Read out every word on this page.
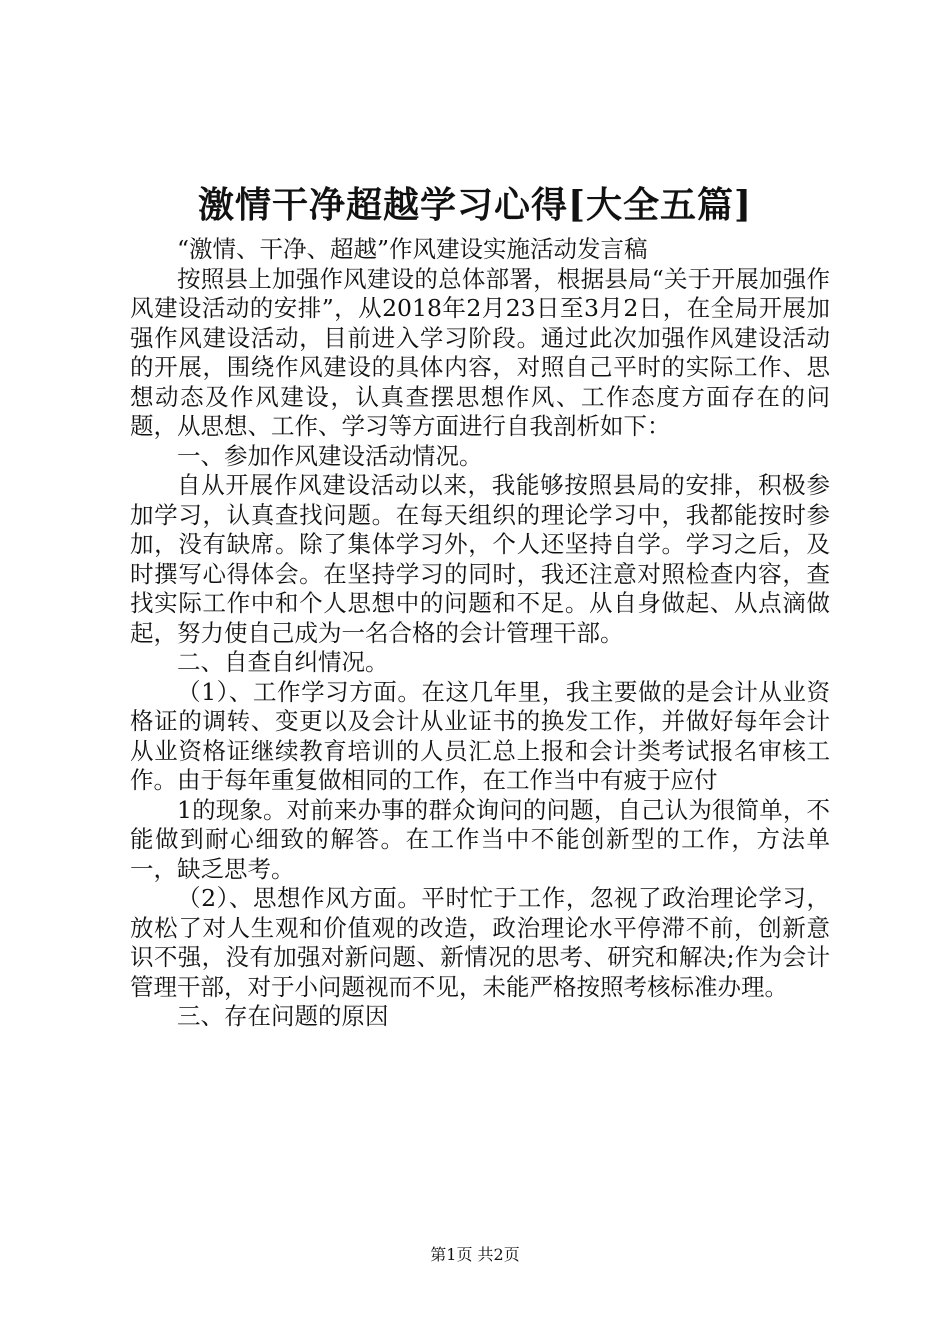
激情干净超越学习心得[大全五篇]

“激情、干净、超越”作风建设实施活动发言稿

按照县上加强作风建设的总体部署，根据县局“关于开展加强作风建设活动的安排”，从2018年2月23日至3月2日，在全局开展加强作风建设活动，目前进入学习阶段。通过此次加强作风建设活动的开展，围绕作风建设的具体内容，对照自己平时的实际工作、思想动态及作风建设，认真查摆思想作风、工作态度方面存在的问题，从思想、工作、学习等方面进行自我剖析如下：

一、参加作风建设活动情况。

自从开展作风建设活动以来，我能够按照县局的安排，积极参加学习，认真查找问题。在每天组织的理论学习中，我都能按时参加，没有缺席。除了集体学习外，个人还坚持自学。学习之后，及时撰写心得体会。在坚持学习的同时，我还注意对照检查内容，查找实际工作中和个人思想中的问题和不足。从自身做起、从点滴做起，努力使自己成为一名合格的会计管理干部。

二、自查自纠情况。

（1）、工作学习方面。在这几年里，我主要做的是会计从业资格证的调转、变更以及会计从业证书的换发工作，并做好每年会计从业资格证继续教育培训的人员汇总上报和会计类考试报名审核工作。由于每年重复做相同的工作，在工作当中有疲于应付

1的现象。对前来办事的群众询问的问题，自己认为很简单，不能做到耐心细致的解答。在工作当中不能创新型的工作，方法单一，缺乏思考。

（2）、思想作风方面。平时忙于工作，忽视了政治理论学习，放松了对人生观和价值观的改造，政治理论水平停滞不前，创新意识不强，没有加强对新问题、新情况的思考、研究和解决;作为会计管理干部，对于小问题视而不见，未能严格按照考核标准办理。

三、存在问题的原因

第1页 共2页
